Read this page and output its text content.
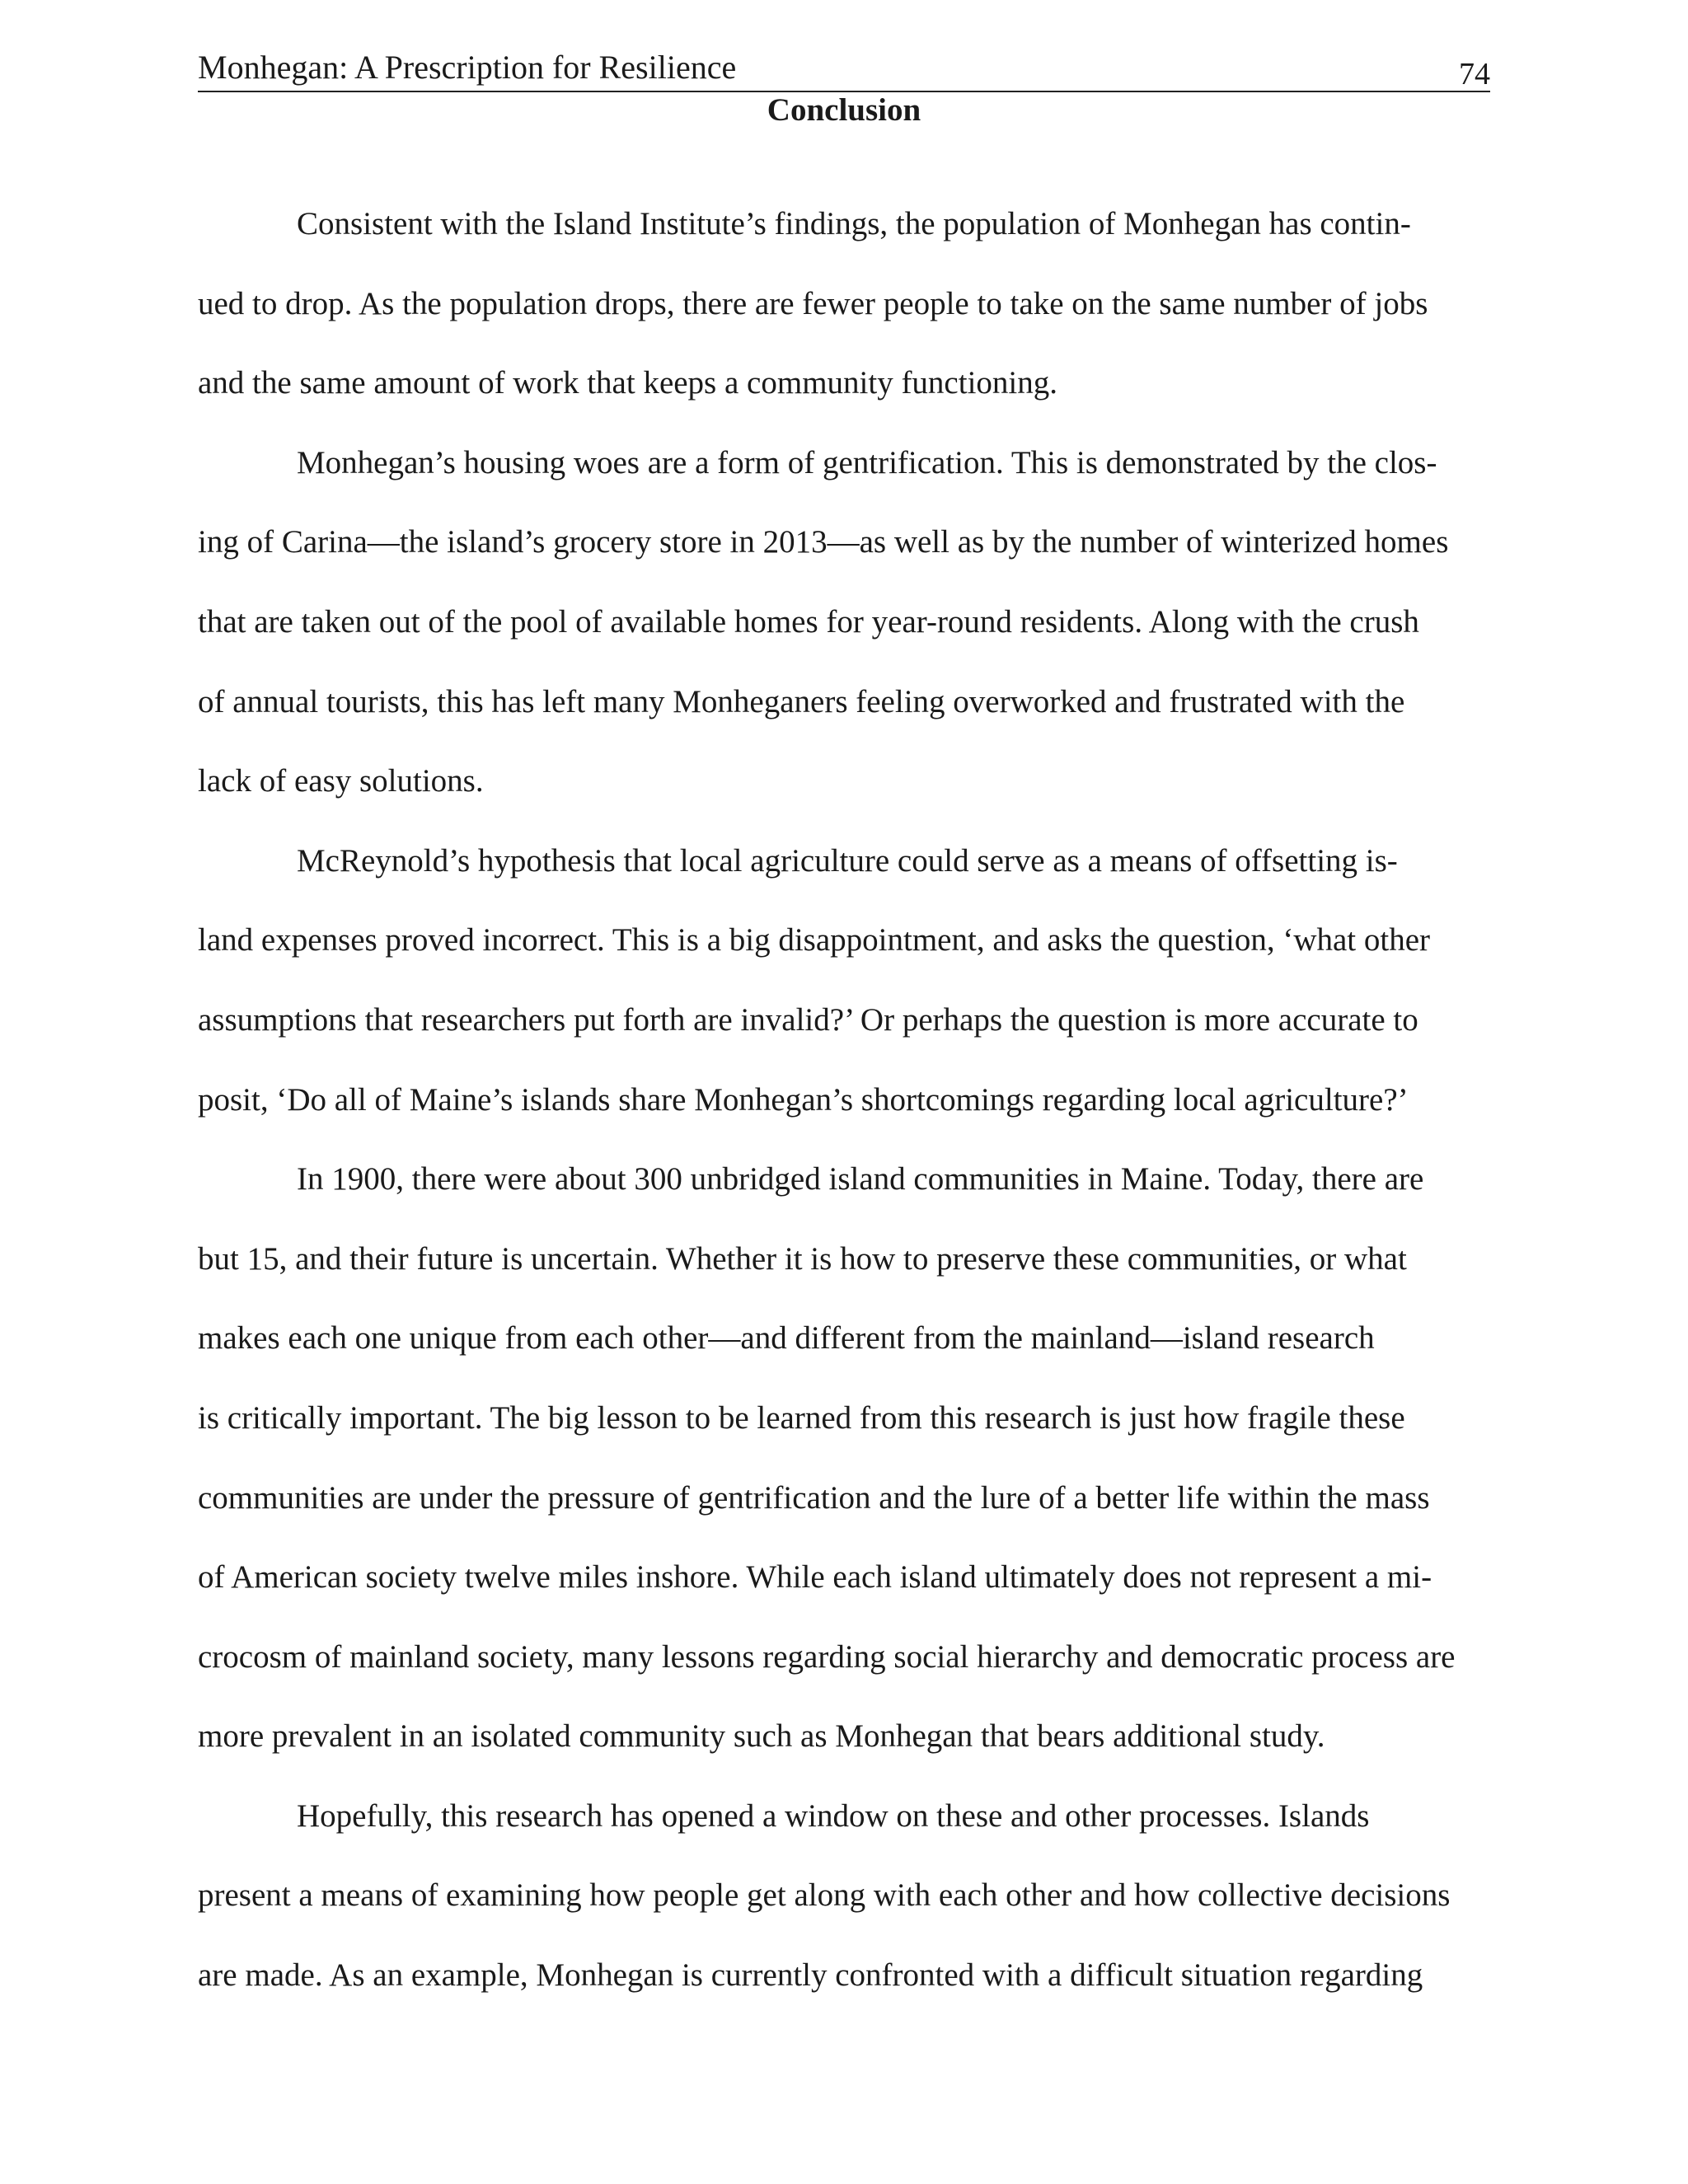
Monhegan: A Prescription for Resilience	74
Conclusion
Consistent with the Island Institute’s findings, the population of Monhegan has contin-
ued to drop. As the population drops, there are fewer people to take on the same number of jobs
and the same amount of work that keeps a community functioning.
Monhegan’s housing woes are a form of gentrification. This is demonstrated by the clos-
ing of Carina—the island’s grocery store in 2013—as well as by the number of winterized homes
that are taken out of the pool of available homes for year-round residents. Along with the crush
of annual tourists, this has left many Monheganers feeling overworked and frustrated with the
lack of easy solutions.
McReynold’s hypothesis that local agriculture could serve as a means of offsetting is-
land expenses proved incorrect. This is a big disappointment, and asks the question, ‘what other
assumptions that researchers put forth are invalid?’ Or perhaps the question is more accurate to
posit, ‘Do all of Maine’s islands share Monhegan’s shortcomings regarding local agriculture?’
In 1900, there were about 300 unbridged island communities in Maine. Today, there are
but 15, and their future is uncertain. Whether it is how to preserve these communities, or what
makes each one unique from each other—and different from the mainland—island research
is critically important. The big lesson to be learned from this research is just how fragile these
communities are under the pressure of gentrification and the lure of a better life within the mass
of American society twelve miles inshore. While each island ultimately does not represent a mi-
crocosm of mainland society, many lessons regarding social hierarchy and democratic process are
more prevalent in an isolated community such as Monhegan that bears additional study.
Hopefully, this research has opened a window on these and other processes. Islands
present a means of examining how people get along with each other and how collective decisions
are made. As an example, Monhegan is currently confronted with a difficult situation regarding
